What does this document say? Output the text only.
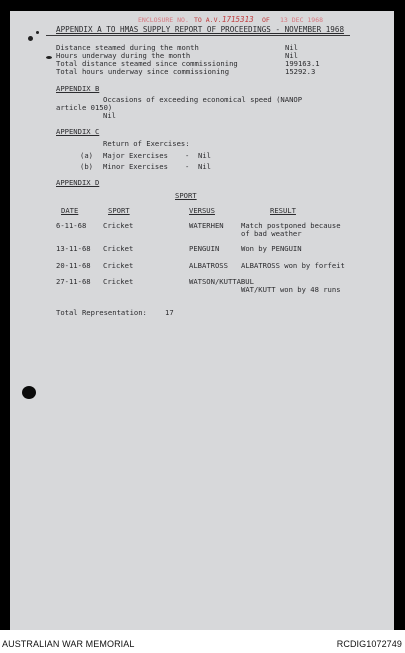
ENCLOSURE NO. TO A.V. 1715313 OF 13 DEC 1968
APPENDIX A TO HMAS SUPPLY REPORT OF PROCEEDINGS - NOVEMBER 1968
Distance steamed during the month	Nil
Hours underway during the month	Nil
Total distance steamed since commissioning	199163.1
Total hours underway since commissioning	15292.3
APPENDIX B
Occasions of exceeding economical speed (NANOP
article 0150)
Nil
APPENDIX C
Return of Exercises:
(a) Major Exercises - Nil
(b) Minor Exercises - Nil
APPENDIX D
SPORT
DATE	SPORT	VERSUS	RESULT
6-11-68 Cricket	WATERHEN Match postponed because
of bad weather
13-11-68 Cricket	PENGUIN	Won by PENGUIN
20-11-68 Cricket	ALBATROSS ALBATROSS won by forfeit
27-11-68 Cricket	WATSON/KUTTABUL
WAT/KUTT won by 48 runs
Total Representation:	17
AUSTRALIAN WAR MEMORIAL	RCDIG1072749
